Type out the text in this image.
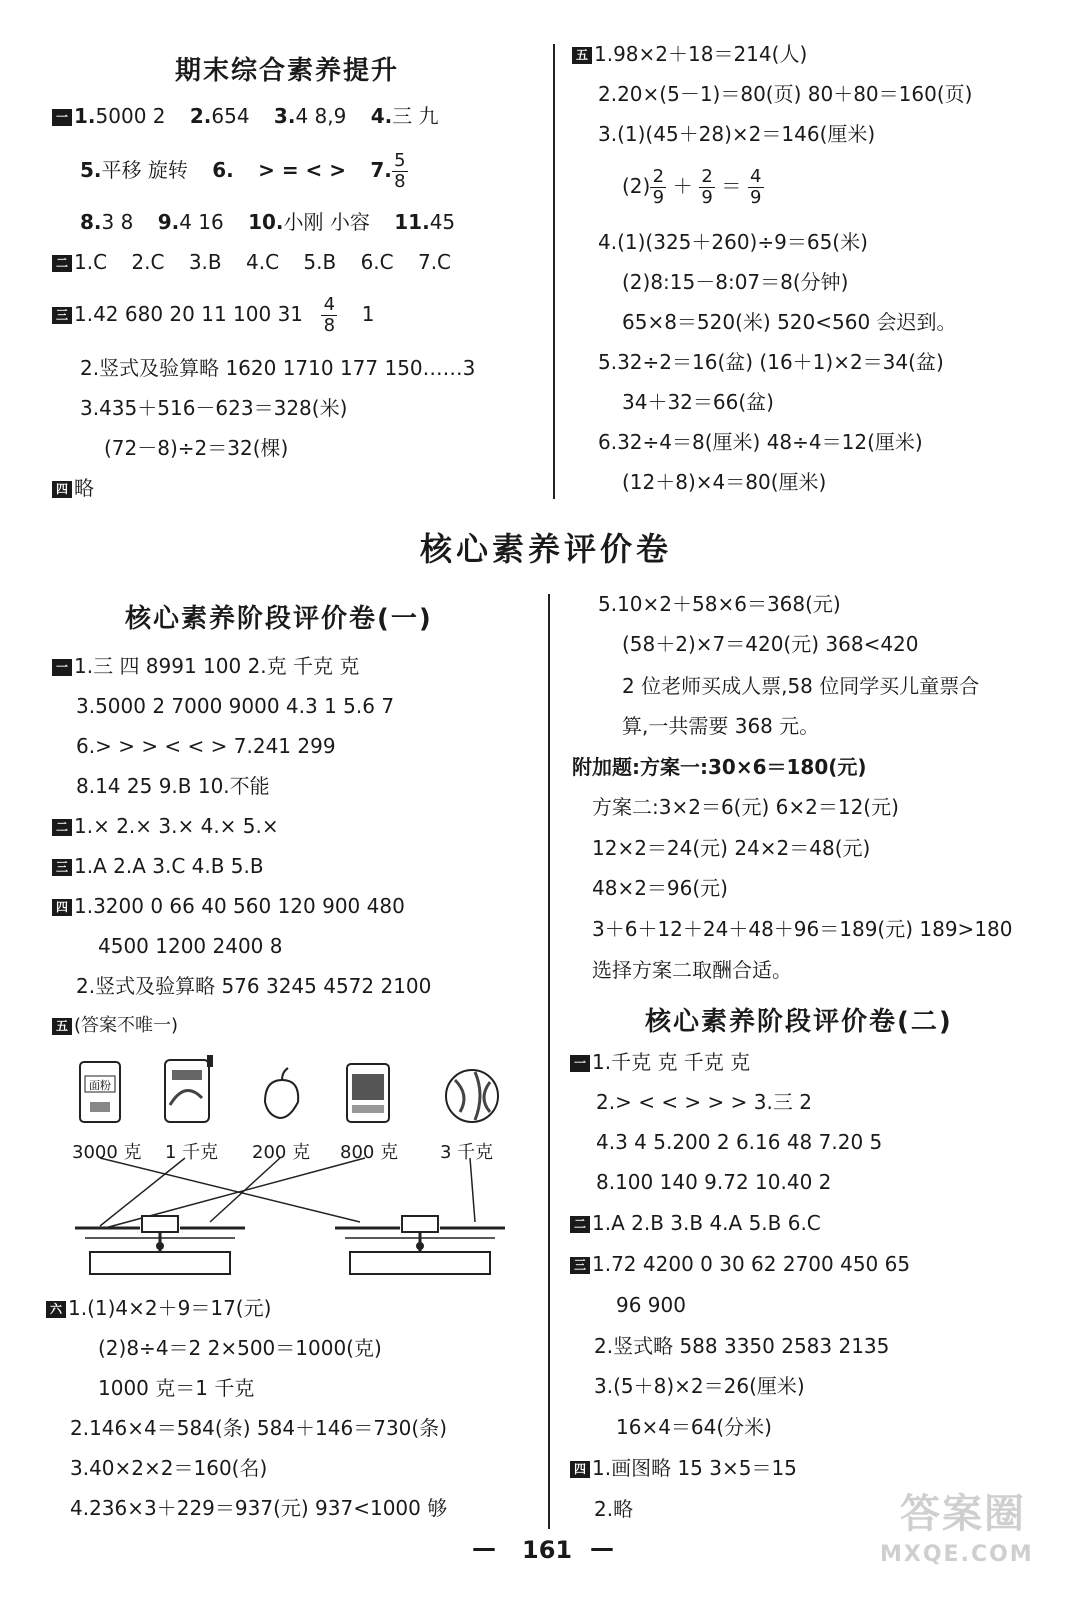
期末综合素养提升
一 1.5000 2 2.654 3.4 8,9 4.三 九
5.平移 旋转 6. > = < > 7. $\frac{5}{8}$
8.3 8 9.4 16 10.小刚 小容 11.45
二 1.C 2.C 3.B 4.C 5.B 6.C 7.C
三 1.42 680 20 11 100 $31 \frac{4}{8} 1$
2.竖式及验算略 1620 1710 177 150……3
3.435＋516－623＝328(米)
(72－8)÷2＝32(棵)
四 略
五 1.98×2＋18＝214(人)
2.20×(5－1)＝80(页) 80＋80＝160(页)
3.(1)(45＋28)×2＝146(厘米)
$(2) \frac{2}{9} + \frac{2}{9} = \frac{4}{9}$
4.(1)(325＋260)÷9＝65(米)
(2)8:15－8:07＝8(分钟)
65×8＝520(米) 520<560 会迟到。
5.32÷2＝16(盆) (16＋1)×2＝34(盆)
34＋32＝66(盆)
6.32÷4＝8(厘米) 48÷4＝12(厘米)
(12＋8)×4＝80(厘米)
核心素养评价卷
核心素养阶段评价卷(一)
一 1.三 四 8991 100 2.克 千克 克
3.5000 2 7000 9000 4.3 1 5.6 7
6.> > > < < > 7.241 299
8.14 25 9.B 10.不能
二 1.× 2.× 3.× 4.× 5.×
三 1.A 2.A 3.C 4.B 5.B
四 1.3200 0 66 40 560 120 900 480
4500 1200 2400 8
2.竖式及验算略 576 3245 4572 2100
五 (答案不唯一)
面粉
3000 克 1 千克 200 克 800 克 3 千克
六 1.(1)4×2＋9＝17(元)
(2)8÷4＝2 2×500＝1000(克)
1000 克＝1 千克
2.146×4＝584(条) 584＋146＝730(条)
3.40×2×2＝160(名)
4.236×3＋229＝937(元) 937<1000 够
5.10×2＋58×6＝368(元)
(58＋2)×7＝420(元) 368<420
2 位老师买成人票,58 位同学买儿童票合
算,一共需要 368 元。
附加题:方案一:30×6＝180(元)
方案二:3×2＝6(元) 6×2＝12(元)
12×2＝24(元) 24×2＝48(元)
48×2＝96(元)
3＋6＋12＋24＋48＋96＝189(元) 189>180
选择方案二取酬合适。
核心素养阶段评价卷(二)
一 1.千克 克 千克 克
2.> < < > > > 3.三 2
4.3 4 5.200 2 6.16 48 7.20 5
8.100 140 9.72 10.40 2
二 1.A 2.B 3.B 4.A 5.B 6.C
三 1.72 4200 0 30 62 2700 450 65
96 900
2.竖式略 588 3350 2583 2135
3.(5＋8)×2＝26(厘米)
16×4＝64(分米)
四 1.画图略 15 3×5＝15
2.略
— 161 —
答案圈
MXQE.COM
